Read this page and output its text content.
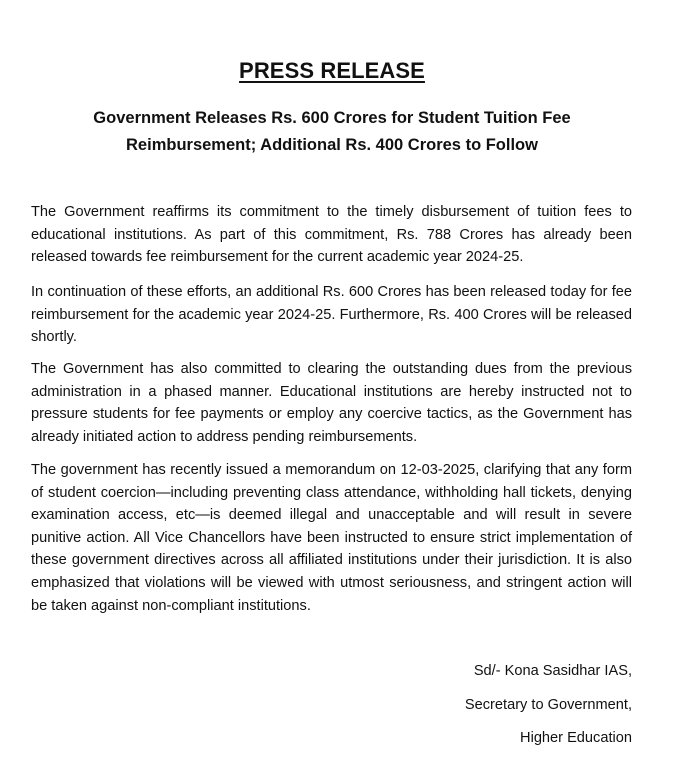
PRESS RELEASE
Government Releases Rs. 600 Crores for Student Tuition Fee Reimbursement; Additional Rs. 400 Crores to Follow
The Government reaffirms its commitment to the timely disbursement of tuition fees to educational institutions. As part of this commitment, Rs. 788 Crores has already been released towards fee reimbursement for the current academic year 2024-25.
In continuation of these efforts, an additional Rs. 600 Crores has been released today for fee reimbursement for the academic year 2024-25. Furthermore, Rs. 400 Crores will be released shortly.
The Government has also committed to clearing the outstanding dues from the previous administration in a phased manner. Educational institutions are hereby instructed not to pressure students for fee payments or employ any coercive tactics, as the Government has already initiated action to address pending reimbursements.
The government has recently issued a memorandum on 12-03-2025, clarifying that any form of student coercion—including preventing class attendance, withholding hall tickets, denying examination access, etc—is deemed illegal and unacceptable and will result in severe punitive action. All Vice Chancellors have been instructed to ensure strict implementation of these government directives across all affiliated institutions under their jurisdiction. It is also emphasized that violations will be viewed with utmost seriousness, and stringent action will be taken against non-compliant institutions.
Sd/- Kona Sasidhar IAS,
Secretary to Government,
Higher Education
